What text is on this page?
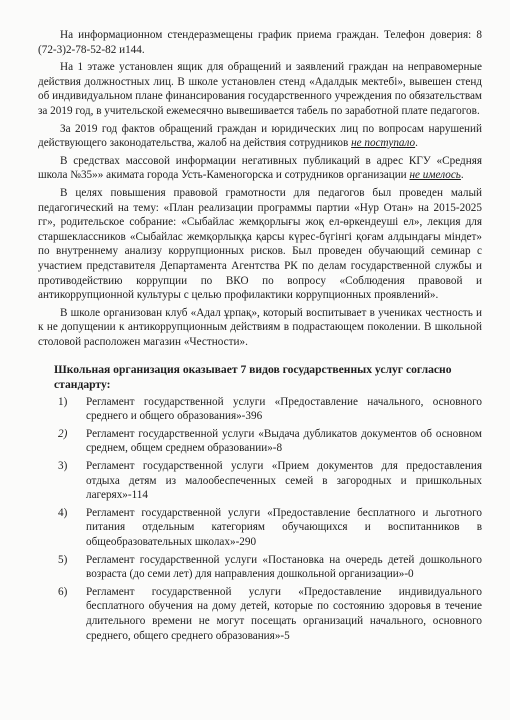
На информационном стендеразмещены график приема граждан. Телефон доверия: 8 (72-3)2-78-52-82 и144.

На 1 этаже установлен ящик для обращений и заявлений граждан на неправомерные действия должностных лиц. В школе установлен стенд «Адалдык мектебі», вывешен стенд об индивидуальном плане финансирования государственного учреждения по обязательствам за 2019 год, в учительской ежемесячно вывешивается табель по заработной плате педагогов.

За 2019 год фактов обращений граждан и юридических лиц по вопросам нарушений действующего законодательства, жалоб на действия сотрудников не поступало.

В средствах массовой информации негативных публикаций в адрес КГУ «Средняя школа №35»» акимата города Усть-Каменогорска и сотрудников организации не имелось.

В целях повышения правовой грамотности для педагогов был проведен малый педагогический на тему: «План реализации программы партии «Нур Отан» на 2015-2025 гг», родительское собрание: «Сыбайлас жемқорлығы жоқ ел-өркендеуші ел», лекция для старшеклассников «Сыбайлас жемқорлыққа қарсы күрес-бүгінгі қоғам алдындағы міндет» по внутреннему анализу коррупционных рисков. Был проведен обучающий семинар с участием представителя Департамента Агентства РК по делам государственной службы и противодействию коррупции по ВКО по вопросу «Соблюдения правовой и антикоррупционной культуры с целью профилактики коррупционных проявлений».

В школе организован клуб «Адал ұрпақ», который воспитывает в учениках честность и к не допущении к антикоррупционным действиям в подрастающем поколении. В школьной столовой расположен магазин «Честности».

Школьная организация оказывает 7 видов государственных услуг согласно стандарту:

1) Регламент государственной услуги «Предоставление начального, основного среднего и общего образования»-396
2) Регламент государственной услуги «Выдача дубликатов документов об основном среднем, общем среднем образовании»-8
3) Регламент государственной услуги «Прием документов для предоставления отдыха детям из малообеспеченных семей в загородных и пришкольных лагерях»-114
4) Регламент государственной услуги «Предоставление бесплатного и льготного питания отдельным категориям обучающихся и воспитанников в общеобразовательных школах»-290
5) Регламент государственной услуги «Постановка на очередь детей дошкольного возраста (до семи лет) для направления дошкольной организации»-0
6) Регламент государственной услуги «Предоставление индивидуального бесплатного обучения на дому детей, которые по состоянию здоровья в течение длительного времени не могут посещать организаций начального, основного среднего, общего среднего образования»-5
